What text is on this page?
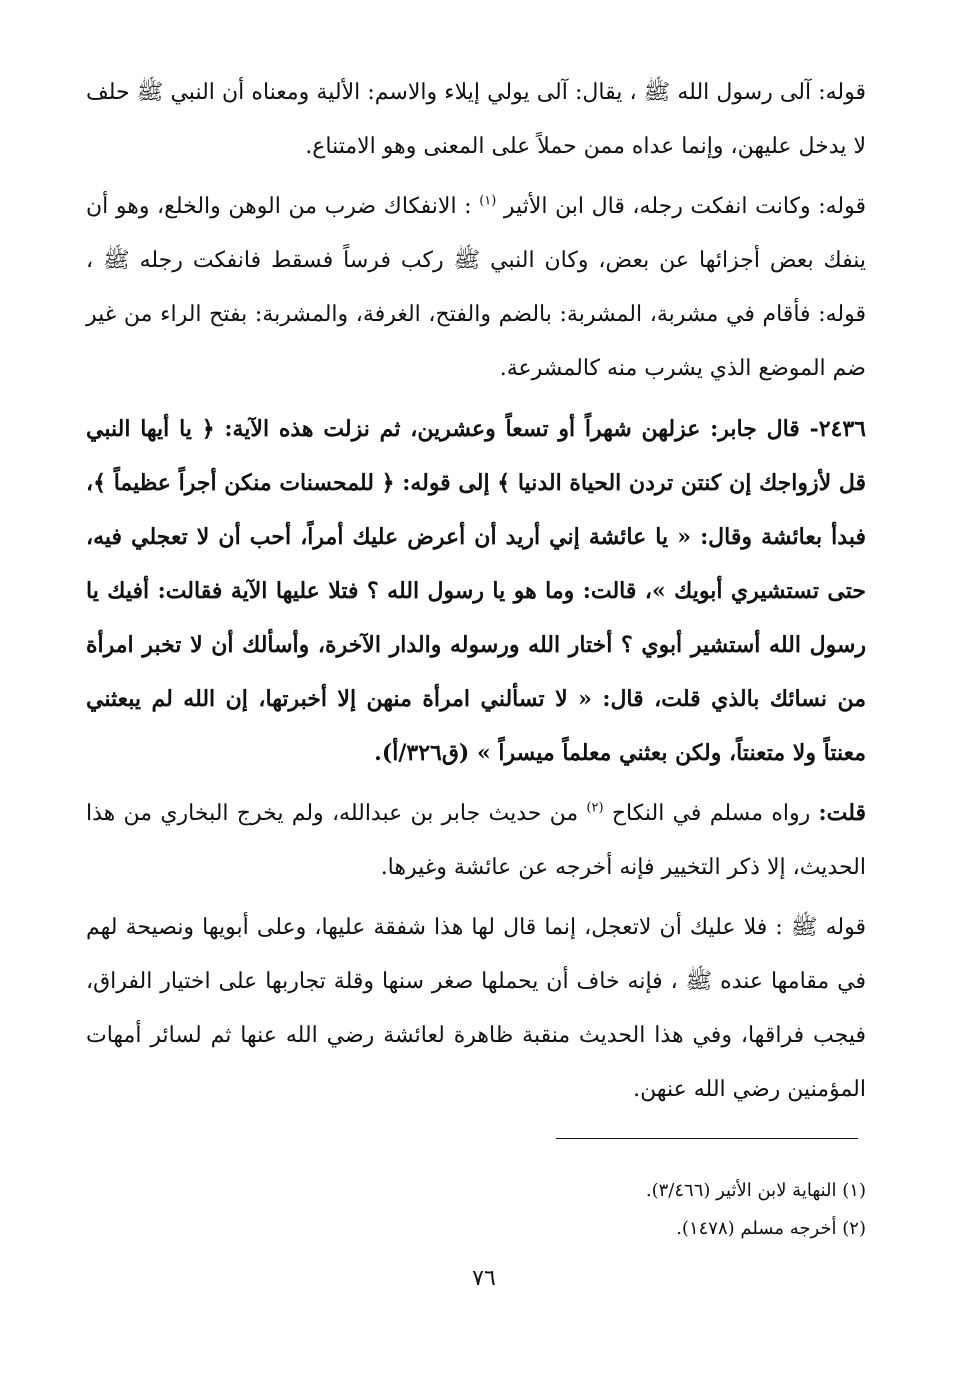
قوله: آلى رسول الله ﷺ ، يقال: آلى يولي إيلاء والاسم: الألية ومعناه أن النبي ﷺ حلف لا يدخل عليهن، وإنما عداه ممن حملاً على المعنى وهو الامتناع.

قوله: وكانت انفكت رجله، قال ابن الأثير $^{(١)}$ : الانفكاك ضرب من الوهن والخلع، وهو أن ينفك بعض أجزائها عن بعض، وكان النبي ﷺ ركب فرساً فسقط فانفكت رجله ﷺ ، قوله: فأقام في مشربة، المشربة: بالضم والفتح، الغرفة، والمشربة: بفتح الراء من غير ضم الموضع الذي يشرب منه كالمشرعة.

٢٤٣٦- قال جابر: عزلهن شهراً أو تسعاً وعشرين، ثم نزلت هذه الآية: ﴿ يا أيها النبي قل لأزواجك إن كنتن تردن الحياة الدنيا ﴾ إلى قوله: ﴿ للمحسنات منكن أجراً عظيماً ﴾، فبدأ بعائشة وقال: « يا عائشة إني أريد أن أعرض عليك أمراً، أحب أن لا تعجلي فيه، حتى تستشيري أبويك »، قالت: وما هو يا رسول الله ؟ فتلا عليها الآية فقالت: أفيك يا رسول الله أستشير أبوي ؟ أختار الله ورسوله والدار الآخرة، وأسألك أن لا تخبر امرأة من نسائك بالذي قلت، قال: « لا تسألني امرأة منهن إلا أخبرتها، إن الله لم يبعثني معنتاً ولا متعنتاً، ولكن بعثني معلماً ميسراً » (ق٣٢٦/أ).

قلت: رواه مسلم في النكاح $^{(٢)}$ من حديث جابر بن عبدالله، ولم يخرج البخاري من هذا الحديث، إلا ذكر التخيير فإنه أخرجه عن عائشة وغيرها.

قوله ﷺ : فلا عليك أن لاتعجل، إنما قال لها هذا شفقة عليها، وعلى أبويها ونصيحة لهم في مقامها عنده ﷺ ، فإنه خاف أن يحملها صغر سنها وقلة تجاربها على اختيار الفراق، فيجب فراقها، وفي هذا الحديث منقبة ظاهرة لعائشة رضي الله عنها ثم لسائر أمهات المؤمنين رضي الله عنهن.

(١) النهاية لابن الأثير (٣/٤٦٦).

(٢) أخرجه مسلم (١٤٧٨).

٧٦
